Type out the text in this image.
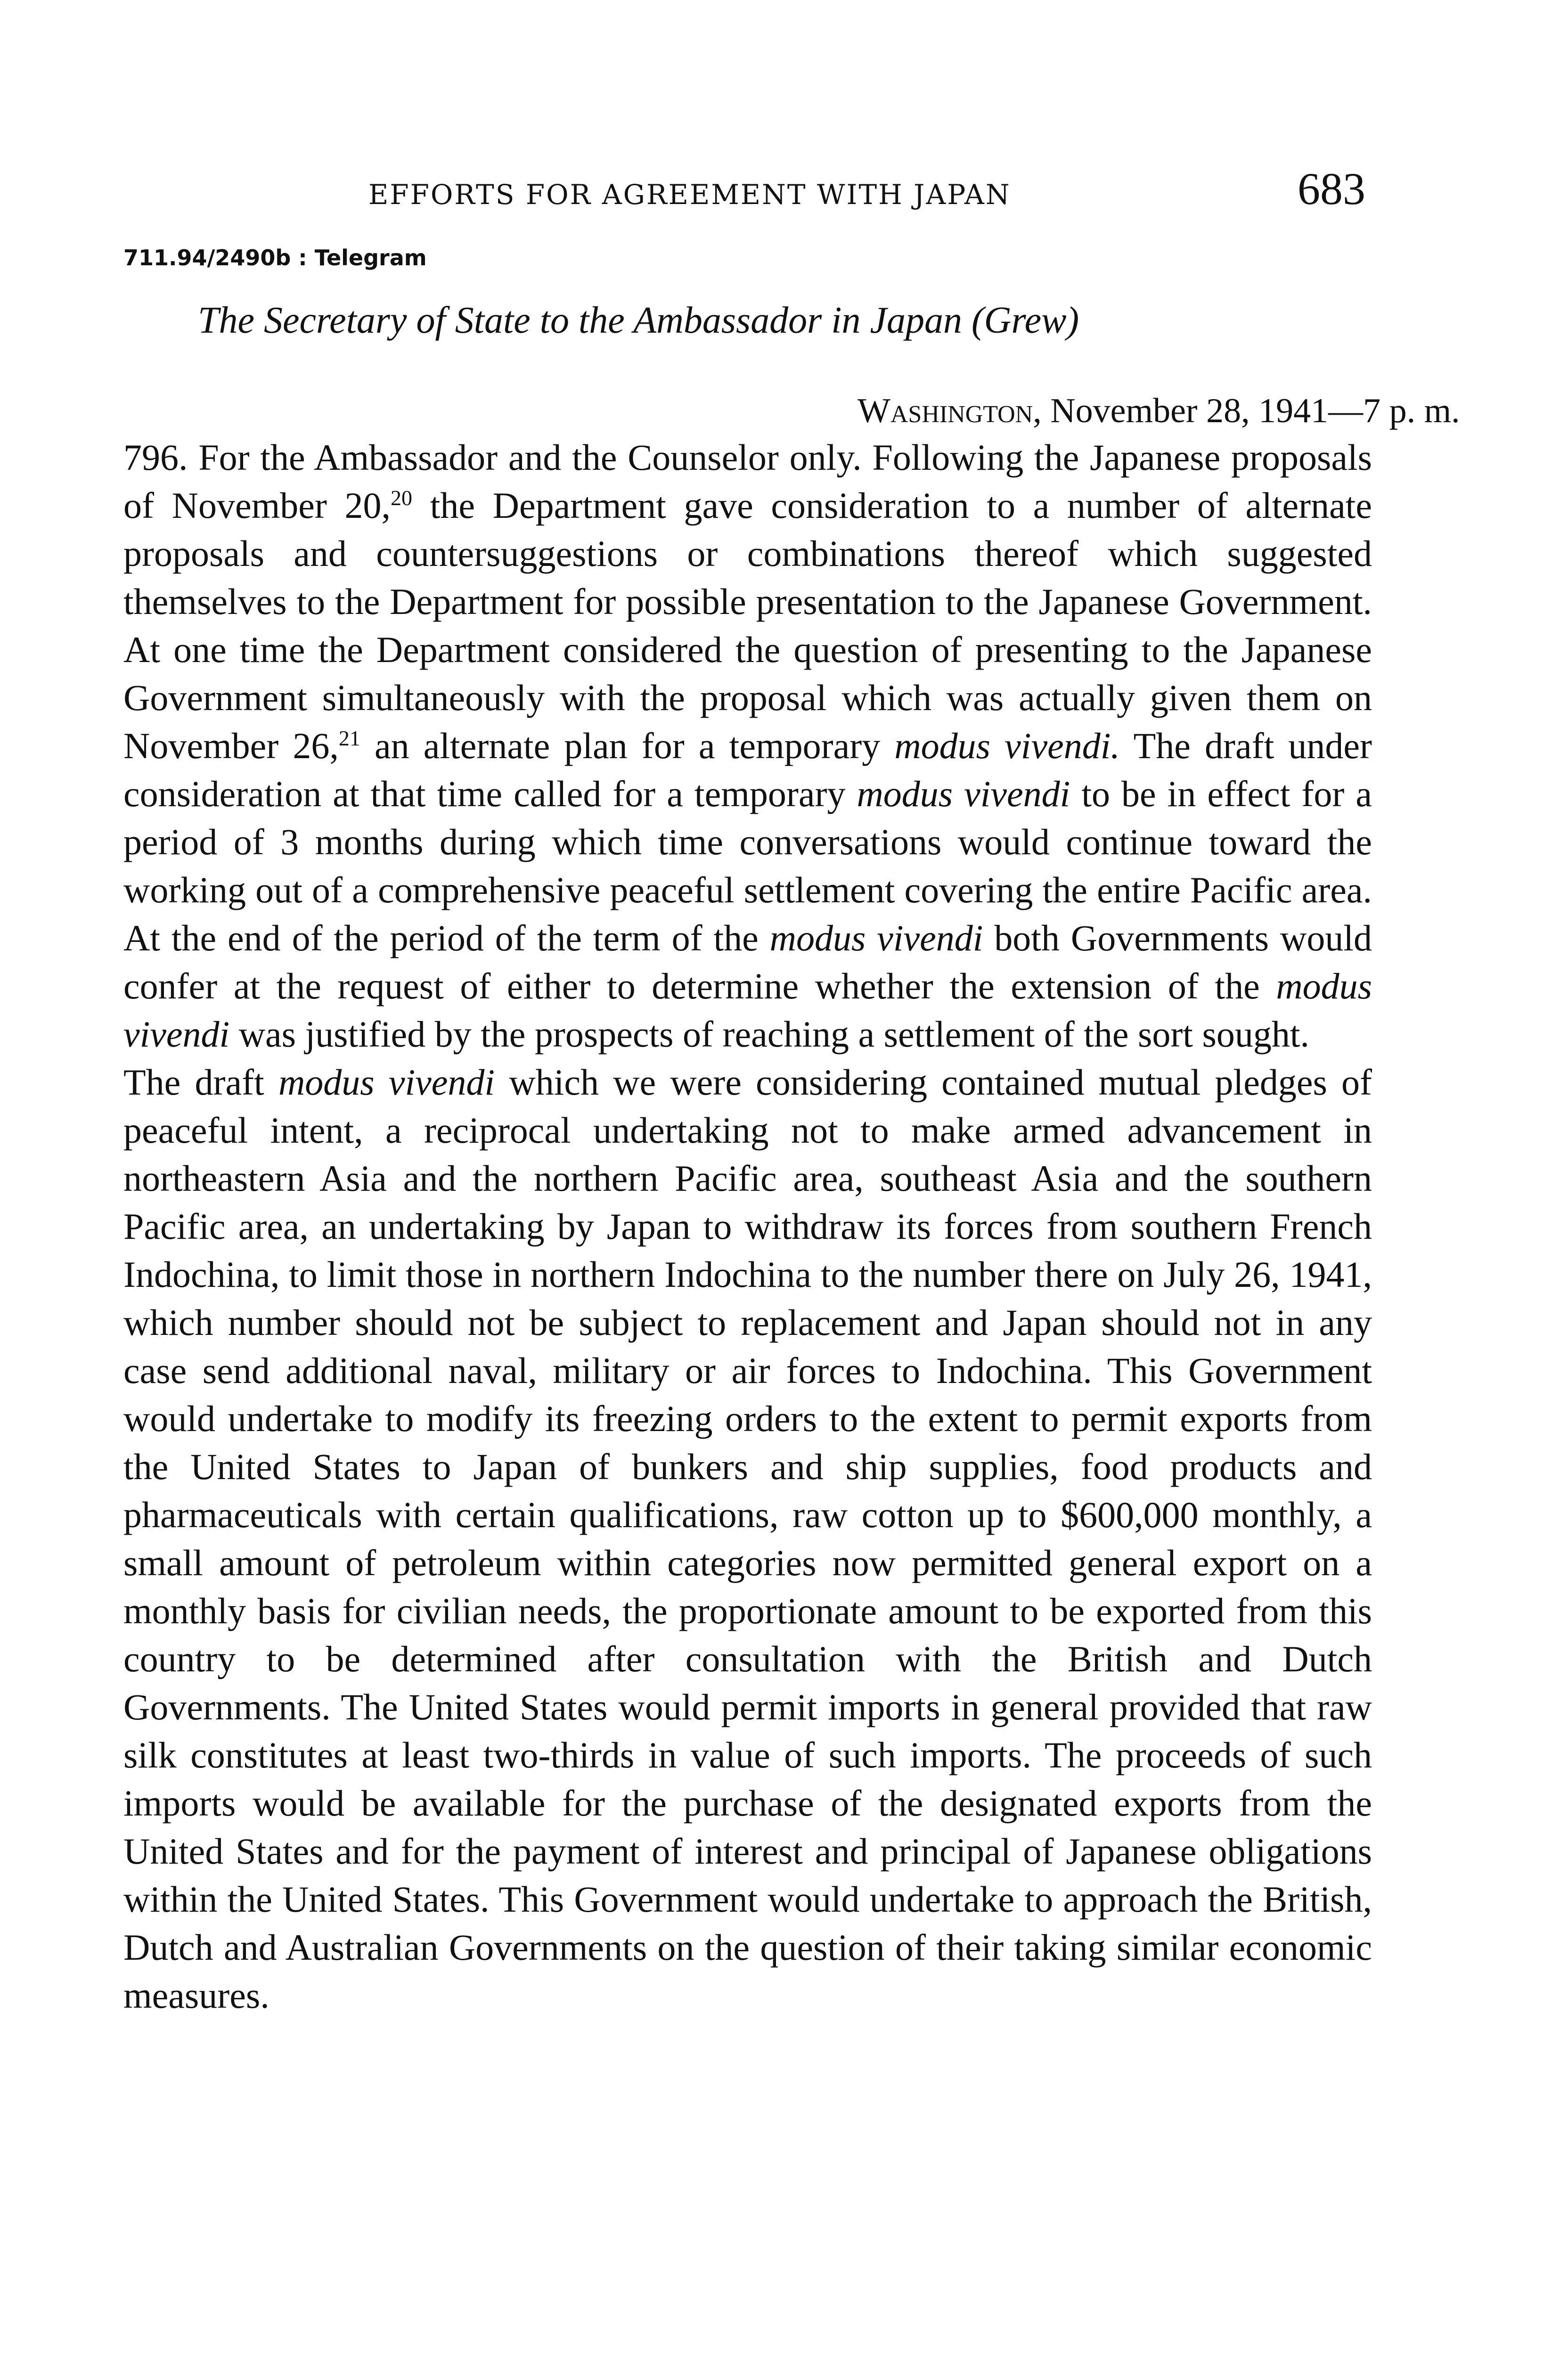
EFFORTS FOR AGREEMENT WITH JAPAN	683
711.94/2490b : Telegram
The Secretary of State to the Ambassador in Japan (Grew)
Washington, November 28, 1941—7 p. m.

796. For the Ambassador and the Counselor only. Following the Japanese proposals of November 20,20 the Department gave consideration to a number of alternate proposals and countersuggestions or combinations thereof which suggested themselves to the Department for possible presentation to the Japanese Government. At one time the Department considered the question of presenting to the Japanese Government simultaneously with the proposal which was actually given them on November 26,21 an alternate plan for a temporary modus vivendi. The draft under consideration at that time called for a temporary modus vivendi to be in effect for a period of 3 months during which time conversations would continue toward the working out of a comprehensive peaceful settlement covering the entire Pacific area. At the end of the period of the term of the modus vivendi both Governments would confer at the request of either to determine whether the extension of the modus vivendi was justified by the prospects of reaching a settlement of the sort sought.

The draft modus vivendi which we were considering contained mutual pledges of peaceful intent, a reciprocal undertaking not to make armed advancement in northeastern Asia and the northern Pacific area, southeast Asia and the southern Pacific area, an undertaking by Japan to withdraw its forces from southern French Indochina, to limit those in northern Indochina to the number there on July 26, 1941, which number should not be subject to replacement and Japan should not in any case send additional naval, military or air forces to Indochina. This Government would undertake to modify its freezing orders to the extent to permit exports from the United States to Japan of bunkers and ship supplies, food products and pharmaceuticals with certain qualifications, raw cotton up to $600,000 monthly, a small amount of petroleum within categories now permitted general export on a monthly basis for civilian needs, the proportionate amount to be exported from this country to be determined after consultation with the British and Dutch Governments. The United States would permit imports in general provided that raw silk constitutes at least two-thirds in value of such imports. The proceeds of such imports would be available for the purchase of the designated exports from the United States and for the payment of interest and principal of Japanese obligations within the United States. This Government would undertake to approach the British, Dutch and Australian Governments on the question of their taking similar economic measures.
